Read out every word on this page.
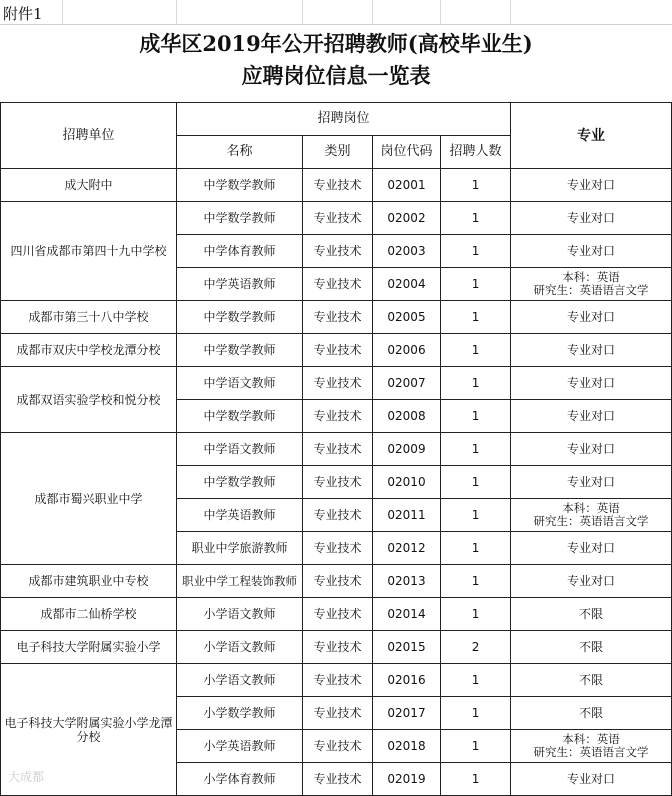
附件1
成华区2019年公开招聘教师(高校毕业生)
应聘岗位信息一览表
招聘单位	招聘岗位				专业
	名称	类别	岗位代码	招聘人数	
成大附中	中学数学教师	专业技术	02001	1	专业对口

四川省成都市第四十九中学校	中学数学教师	专业技术	02002	1	专业对口

	中学体育教师	专业技术	02003	1	专业对口

	中学英语教师	专业技术	02004	1	本科：英语
研究生：英语语言文学

成都市第三十八中学校	中学数学教师	专业技术	02005	1	专业对口

成都市双庆中学校龙潭分校	中学数学教师	专业技术	02006	1	专业对口

成都双语实验学校和悦分校	中学语文教师	专业技术	02007	1	专业对口

	中学数学教师	专业技术	02008	1	专业对口

成都市蜀兴职业中学	中学语文教师	专业技术	02009	1	专业对口

	中学数学教师	专业技术	02010	1	专业对口

	中学英语教师	专业技术	02011	1	本科：英语
研究生：英语语言文学

	职业中学旅游教师	专业技术	02012	1	专业对口

成都市建筑职业中专校	职业中学工程装饰教师	专业技术	02013	1	专业对口

成都市二仙桥学校	小学语文教师	专业技术	02014	1	不限

电子科技大学附属实验小学	小学语文教师	专业技术	02015	2	不限

电子科技大学附属实验小学龙潭分校	小学语文教师	专业技术	02016	1	不限

	小学数学教师	专业技术	02017	1	不限

	小学英语教师	专业技术	02018	1	本科：英语
研究生：英语语言文学

	小学体育教师	专业技术	02019	1	专业对口
大成都
